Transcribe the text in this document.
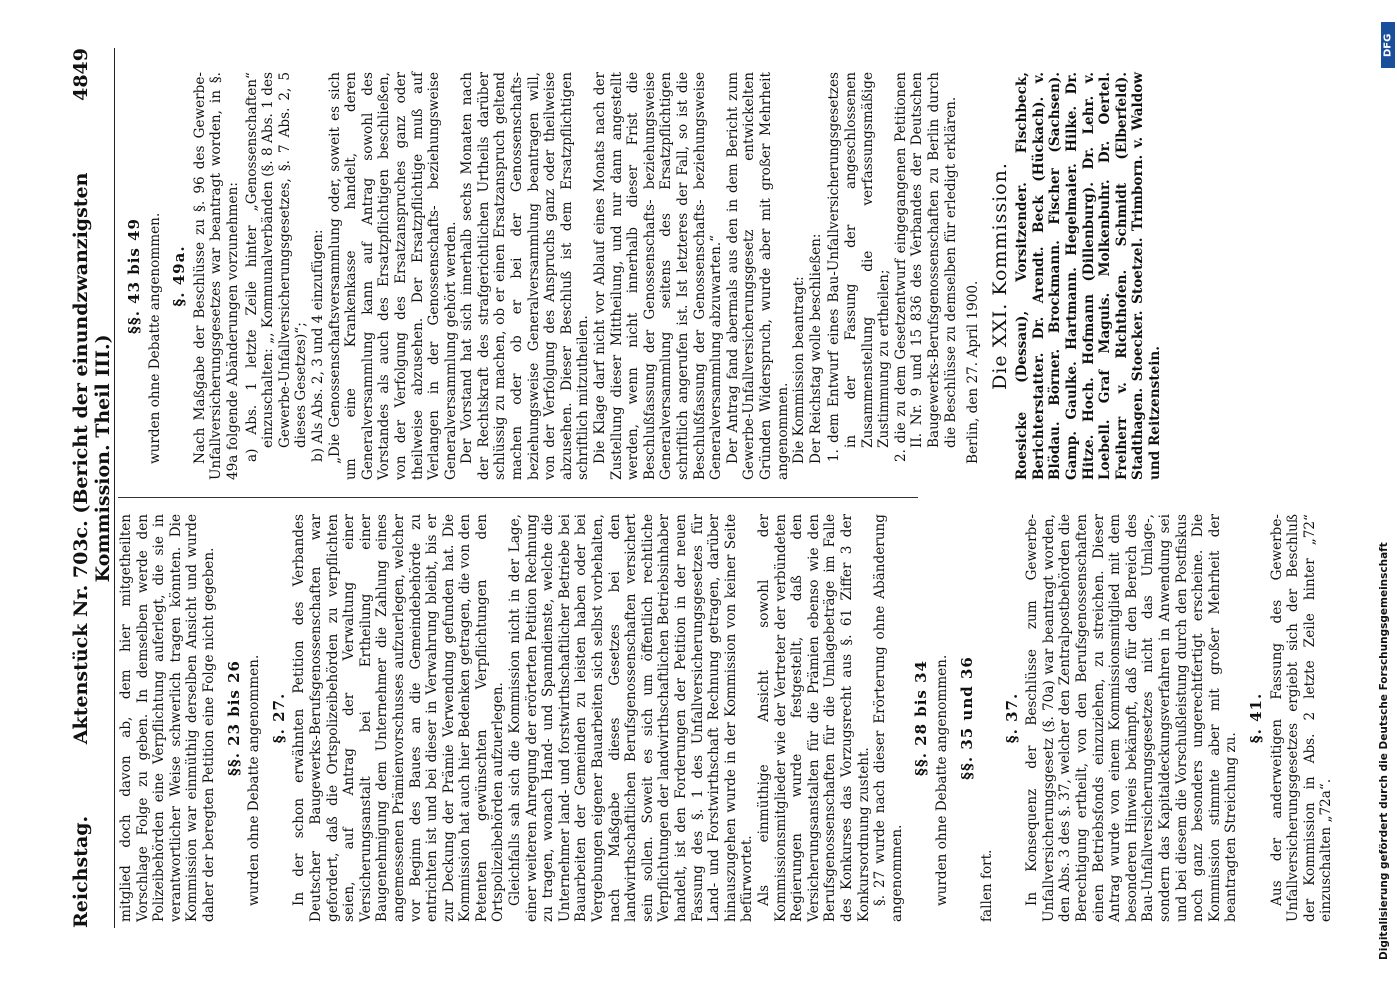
Reichstag.
Aktenstück Nr. 703c. (Bericht der einundzwanzigsten Kommission. Theil III.)
4849

mitglied doch davon ab, dem hier mitgetheilten Vorschlage Folge zu geben. In demselben werde den Polizeibehörden eine Verpflichtung auferlegt, die sie in verantwortlicher Weise schwerlich tragen könnten. Die Kommission war einmüthig derselben Ansicht und wurde daher der beregten Petition eine Folge nicht gegeben. §§. 23 bis 26 wurden ohne Debatte angenommen. §. 27. In der schon erwähnten Petition des Verbandes Deutscher Baugewerks-Berufsgenossenschaften war gefordert, daß die Ortspolizeibehörden zu verpflichten seien, auf Antrag der Verwaltung einer Versicherungsanstalt bei Ertheilung einer Baugenehmigung dem Unternehmer die Zahlung eines angemessenen Prämienvorschusses aufzuerlegen, welcher vor Beginn des Baues an die Gemeindebehörde zu entrichten ist und bei dieser in Verwahrung bleibt, bis er zur Deckung der Prämie Verwendung gefunden hat. Die Kommission hat auch hier Bedenken getragen, die von den Petenten gewünschten Verpflichtungen den Ortspolizeibehörden aufzuerlegen. Gleichfalls sah sich die Kommission nicht in der Lage, einer weiteren Anregung der erörterten Petition Rechnung zu tragen, wonach Hand- und Spanndienste, welche die Unternehmer land- und forstwirthschaftlicher Betriebe bei Bauarbeiten der Gemeinden zu leisten haben oder bei Vergebungen eigener Bauarbeiten sich selbst vorbehalten, nach Maßgabe dieses Gesetzes bei den landwirthschaftlichen Berufsgenossenschaften versichert sein sollen. Soweit es sich um öffentlich rechtliche Verpflichtungen der landwirthschaftlichen Betriebsinhaber handelt, ist den Forderungen der Petition in der neuen Fassung des §. 1 des Unfallversicherungsgesetzes für Land- und Forstwirthschaft Rechnung getragen, darüber hinauszugehen wurde in der Kommission von keiner Seite befürwortet. Als einmüthige Ansicht sowohl der Kommissionsmitglieder wie der Vertreter der verbündeten Regierungen wurde festgestellt, daß den Versicherungsanstalten für die Prämien ebenso wie den Berufsgenossenschaften für die Umlagebeträge im Falle des Konkurses das Vorzugsrecht aus §. 61 Ziffer 3 der Konkursordnung zusteht. §. 27 wurde nach dieser Erörterung ohne Abänderung angenommen.

§§. 28 bis 34 wurden ohne Debatte angenommen. §§. 35 und 36

fallen fort.

§. 37. In Konsequenz der Beschlüsse zum Gewerbe-Unfallversicherungsgesetz (§. 70a) war beantragt worden, den Abs. 3 des §. 37, welcher den Zentralpostbehörden die Berechtigung ertheilt, von den Berufsgenossenschaften einen Betriebsfonds einzuziehen, zu streichen. Dieser Antrag wurde von einem Kommissionsmitglied mit dem besonderen Hinweis bekämpft, daß für den Bereich des Bau-Unfallversicherungsgesetzes nicht das Umlage-, sondern das Kapitaldeckungsverfahren in Anwendung sei und bei diesem die Vorschußleistung durch den Postfiskus noch ganz besonders ungerechtfertigt erscheine. Die Kommission stimmte aber mit großer Mehrheit der beantragten Streichung zu.

§. 41. Aus der anderweitigen Fassung des Gewerbe-Unfallversicherungsgesetzes ergiebt sich der Beschluß der Kommission in Abs. 2 letzte Zeile hinter „72“ einzuschalten „72a“.

§§. 43 bis 49 wurden ohne Debatte angenommen. §. 49a. Nach Maßgabe der Beschlüsse zu §. 96 des Gewerbe-Unfallversicherungsgesetzes war beantragt worden, in §. 49a folgende Abänderungen vorzunehmen: a) Abs. 1 letzte Zeile hinter „Genossenschaften“ einzuschalten: „, Kommunalverbänden (§. 8 Abs. 1 des Gewerbe-Unfallversicherungsgesetzes, §. 7 Abs. 2, 5 dieses Gesetzes)“; b) Als Abs. 2, 3 und 4 einzufügen: „Die Genossenschaftsversammlung oder, soweit es sich um eine Krankenkasse handelt, deren Generalversammlung kann auf Antrag sowohl des Vorstandes als auch des Ersatzpflichtigen beschließen, von der Verfolgung des Ersatzanspruches ganz oder theilweise abzusehen. Der Ersatzpflichtige muß auf Verlangen in der Genossenschafts- beziehungsweise Generalversammlung gehört werden. Der Vorstand hat sich innerhalb sechs Monaten nach der Rechtskraft des strafgerichtlichen Urtheils darüber schlüssig zu machen, ob er einen Ersatzanspruch geltend machen oder ob er bei der Genossenschafts- beziehungsweise Generalversammlung beantragen will, von der Verfolgung des Anspruchs ganz oder theilweise abzusehen. Dieser Beschluß ist dem Ersatzpflichtigen schriftlich mitzutheilen. Die Klage darf nicht vor Ablauf eines Monats nach der Zustellung dieser Mittheilung, und nur dann angestellt werden, wenn nicht innerhalb dieser Frist die Beschlußfassung der Genossenschafts- beziehungsweise Generalversammlung seitens des Ersatzpflichtigen schriftlich angerufen ist. Ist letzteres der Fall, so ist die Beschlußfassung der Genossenschafts- beziehungsweise Generalversammlung abzuwarten.“ Der Antrag fand abermals aus den in dem Bericht zum Gewerbe-Unfallversicherungsgesetz entwickelten Gründen Widerspruch, wurde aber mit großer Mehrheit angenommen. Die Kommission beantragt: Der Reichstag wolle beschließen: 1. dem Entwurf eines Bau-Unfallversicherungsgesetzes in der Fassung der angeschlossenen Zusammenstellung die verfassungsmäßige Zustimmung zu ertheilen; 2. die zu dem Gesetzentwurf eingegangenen Petitionen II. Nr. 9 und 15 836 des Verbandes der Deutschen Baugewerks-Berufsgenossenschaften zu Berlin durch die Beschlüsse zu demselben für erledigt erklären. Berlin, den 27. April 1900. Die XXI. Kommission. Roesicke (Dessau), Vorsitzender. Fischbeck, Berichterstatter. Dr. Arendt. Beck (Hückach). v. Blödau. Börner. Brockmann. Fischer (Sachsen). Gamp. Gaulke. Hartmann. Hegelmaier. Hilke. Dr. Hitze. Hoch. Hofmann (Dillenburg). Dr. Lehr. v. Loebell. Graf Maguis. Molkenbuhr. Dr. Oertel. Freiherr v. Richthofen. Schmidt (Elberfeld). Stadthagen. Stoecker. Stoetzel. Trimborn. v. Waldow und Reitzenstein.

DFG
Digitalisierung gefördert durch die Deutsche Forschungsgemeinschaft
